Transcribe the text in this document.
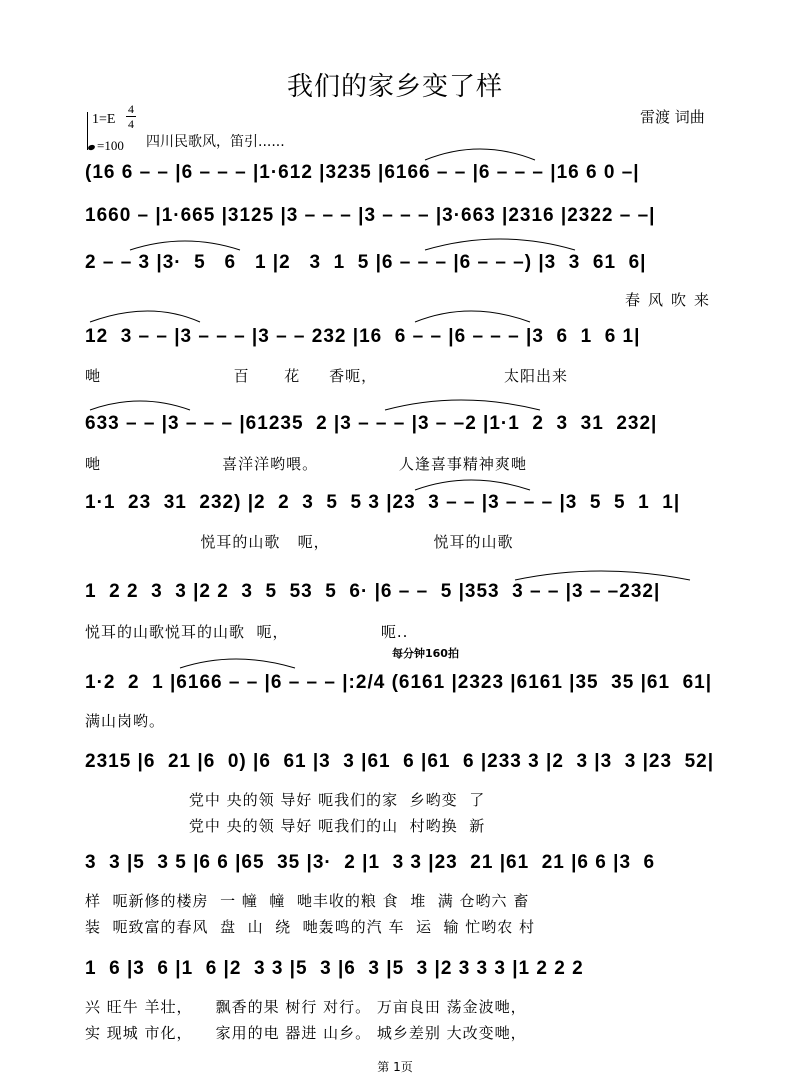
我们的家乡变了样
雷渡 词曲
1=E
4
4
=100 四川民歌风，笛引......
(16 6 – – |6 – – – |1·612 |3235 |6166 – – |6 – – – |16 6 0 –|
1660 – |1·665 |3125 |3 – – – |3 – – – |3·663 |2316 |2322 – –|
2 – – 3 |3·  5   6   1 |2   3  1  5 |6 – – – |6 – – –) |3  3  61  6|
春风吹来
12  3 – – |3 – – – |3 – – 232 |16  6 – – |6 – – – |3  6  1  6 1|
哋                       百      花     香呃，                      太阳出来
633 – – |3 – – – |61235  2 |3 – – – |3 – –2 |1·1  2  3  31  232|
哋                     喜洋洋哟喂。              人逢喜事精神爽哋
1·1  23  31  232) |2  2  3  5  5 3 |23  3 – – |3 – – – |3  5  5  1  1|
悦耳的山歌   呃，                  悦耳的山歌
1  2 2  3  3 |2 2  3  5  53  5  6· |6 – –  5 |353  3 – – |3 – –232|
悦耳的山歌悦耳的山歌  呃，                呃..
每分钟160拍
1·2  2  1 |6166 – – |6 – – – |:2/4 (6161 |2323 |6161 |35  35 |61  61|
满山岗哟。
2315 |6  21 |6  0) |6  61 |3  3 |61  6 |61  6 |233 3 |2  3 |3  3 |23  52|
党中 央的领 导好 呃我们的家  乡哟变  了
党中 央的领 导好 呃我们的山  村哟换  新
3  3 |5  3 5 |6 6 |65  35 |3·  2 |1  3 3 |23  21 |61  21 |6 6 |3  6
样  呃新修的楼房  一 幢  幢  哋丰收的粮 食  堆  满 仓哟六 畜
装  呃致富的春风  盘  山  绕  哋轰鸣的汽 车  运  输 忙哟农 村
1  6 |3  6 |1  6 |2  3 3 |5  3 |6  3 |5  3 |2 3 3 3 |1 2 2 2
兴 旺牛 羊壮，    飘香的果 树行 对行。 万亩良田 荡金波哋，
实 现城 市化，    家用的电 器进 山乡。 城乡差别 大改变哋，
第 1页
